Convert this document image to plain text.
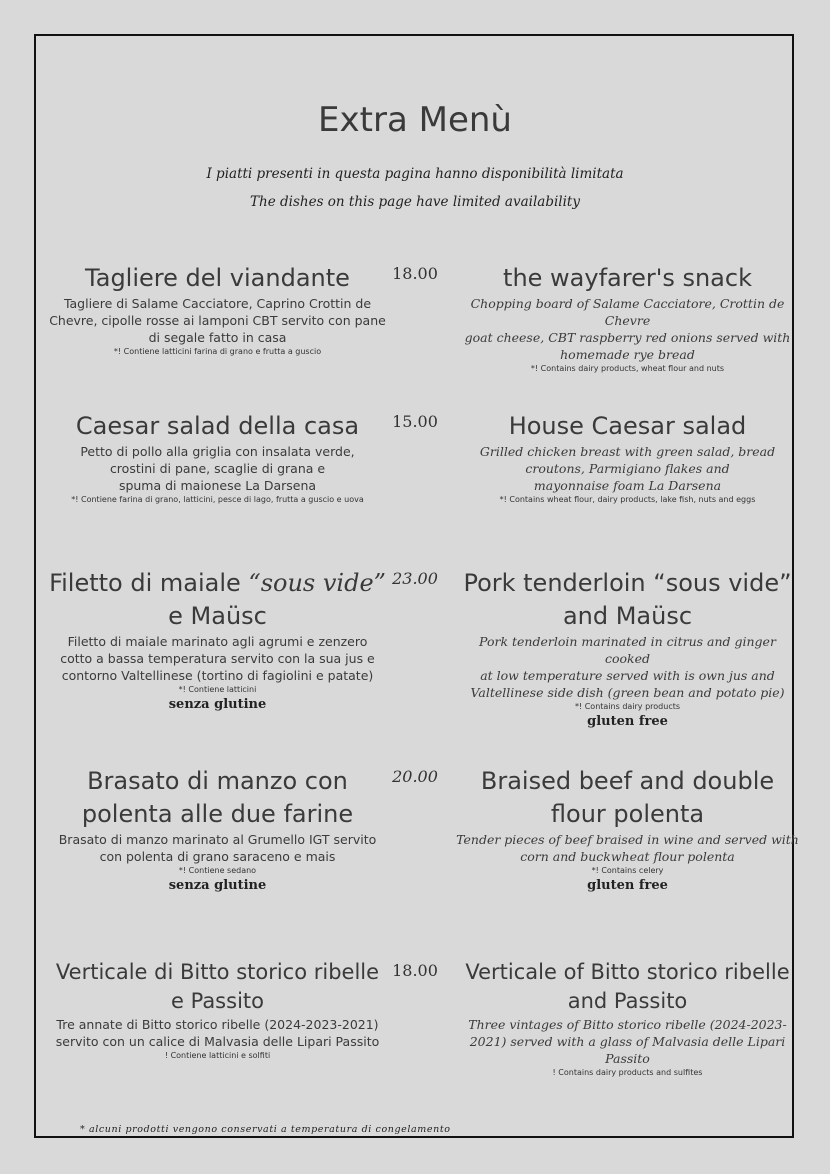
Extra Menù
I piatti presenti in questa pagina hanno disponibilità limitata
The dishes on this page have limited availability
Tagliere del viandante
Tagliere di Salame Cacciatore, Caprino Crottin de
Chevre, cipolle rosse ai lamponi CBT servito con pane
di segale fatto in casa
*! Contiene latticini farina di grano e frutta a guscio
18.00	the wayfarer's snack
Chopping board of Salame Cacciatore, Crottin de Chevre
goat cheese, CBT raspberry red onions served with
homemade rye bread
*! Contains dairy products, wheat flour and nuts
Caesar salad della casa
Petto di pollo alla griglia con insalata verde,
crostini di pane, scaglie di grana e
spuma di maionese La Darsena
*! Contiene farina di grano, latticini, pesce di lago, frutta a guscio e uova
15.00	House Caesar salad
Grilled chicken breast with green salad, bread
croutons, Parmigiano flakes and
mayonnaise foam La Darsena
*! Contains wheat flour, dairy products, lake fish, nuts and eggs
Filetto di maiale “sous vide”
e Maüsc
Filetto di maiale marinato agli agrumi e zenzero
cotto a bassa temperatura servito con la sua jus e
contorno Valtellinese (tortino di fagiolini e patate)
*! Contiene latticini
senza glutine
23.00	Pork tenderloin “sous vide”
and Maüsc
Pork tenderloin marinated in citrus and ginger cooked
at low temperature served with is own jus and
Valtellinese side dish (green bean and potato pie)
*! Contains dairy products
gluten free
Brasato di manzo con
polenta alle due farine
Brasato di manzo marinato al Grumello IGT servito
con polenta di grano saraceno e mais
*! Contiene sedano
senza glutine
20.00	Braised beef and double
flour polenta
Tender pieces of beef braised in wine and served with
corn and buckwheat flour polenta
*! Contains celery
gluten free
Verticale di Bitto storico ribelle
e Passito
Tre annate di Bitto storico ribelle (2024-2023-2021)
servito con un calice di Malvasia delle Lipari Passito
! Contiene latticini e solfiti
18.00	Verticale of Bitto storico ribelle
and Passito
Three vintages of Bitto storico ribelle (2024-2023-
2021) served with a glass of Malvasia delle Lipari Passito
! Contains dairy products and sulfites
* alcuni prodotti vengono conservati a temperatura di congelamento
